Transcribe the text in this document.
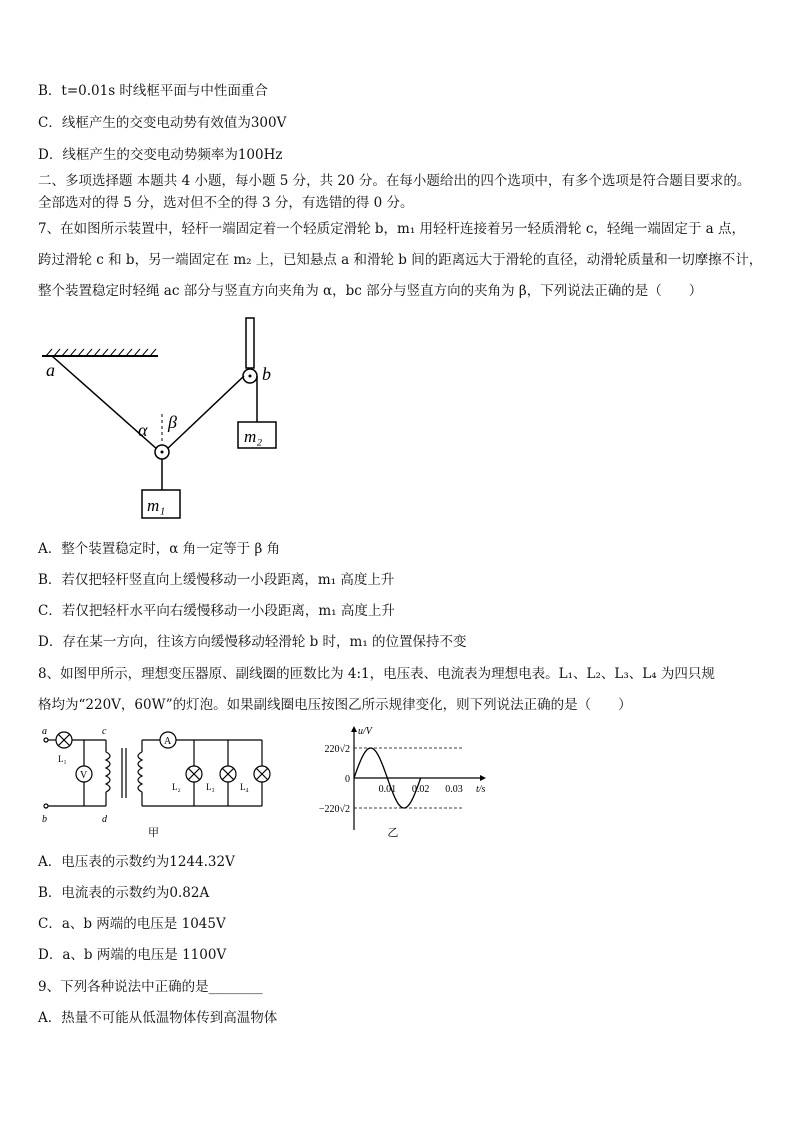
B．t=0.01s 时线框平面与中性面重合
C．线框产生的交变电动势有效值为300V
D．线框产生的交变电动势频率为100Hz
二、多项选择题 本题共 4 小题，每小题 5 分，共 20 分。在每小题给出的四个选项中，有多个选项是符合题目要求的。
全部选对的得 5 分，选对但不全的得 3 分，有选错的得 0 分。
7、在如图所示装置中，轻杆一端固定着一个轻质定滑轮 b，m₁ 用轻杆连接着另一轻质滑轮 c，轻绳一端固定于 a 点，
跨过滑轮 c 和 b，另一端固定在 m₂ 上，已知悬点 a 和滑轮 b 间的距离远大于滑轮的直径，动滑轮质量和一切摩擦不计，
整个装置稳定时轻绳 ac 部分与竖直方向夹角为 α，bc 部分与竖直方向的夹角为 β，下列说法正确的是（　　）
a	b
α β
m₁
m₂
A．整个装置稳定时，α 角一定等于 β 角
B．若仅把轻杆竖直向上缓慢移动一小段距离，m₁ 高度上升
C．若仅把轻杆水平向右缓慢移动一小段距离，m₁ 高度上升
D．存在某一方向，往该方向缓慢移动轻滑轮 b 时，m₁ 的位置保持不变
8、如图甲所示，理想变压器原、副线圈的匝数比为 4:1，电压表、电流表为理想电表。L₁、L₂、L₃、L₄ 为四只规
格均为“220V，60W”的灯泡。如果副线圈电压按图乙所示规律变化，则下列说法正确的是（　　）
a
b
c
d
L₁
V
A
L₂	L₃	L₄
甲
u/V
220√2
0
−220√2
0.01 0.02 0.03 t/s
乙
A．电压表的示数约为1244.32V
B．电流表的示数约为0.82A
C．a、b 两端的电压是 1045V
D．a、b 两端的电压是 1100V
9、下列各种说法中正确的是________
A．热量不可能从低温物体传到高温物体
